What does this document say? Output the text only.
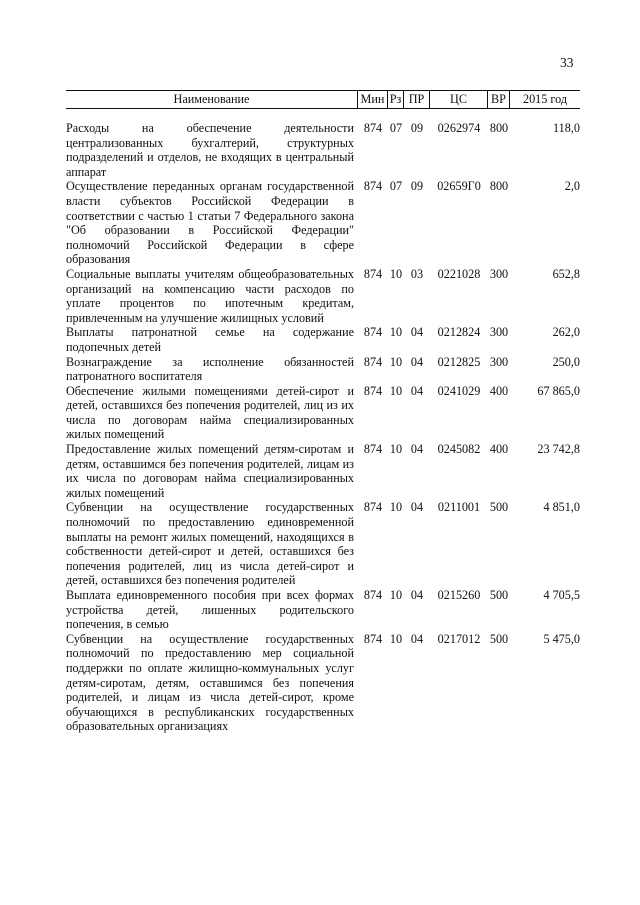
33
Наименование	Мин Рз ПР	ЦС	ВР	2015 год
Расходы на обеспечение деятельности централизованных бухгалтерий, структурных подразделений и отделов, не входящих в центральный аппарат
874 07 09	0262974 800	118,0
Осуществление переданных органам государственной власти субъектов Российской Федерации в соответствии с частью 1 статьи 7 Федерального закона "Об образовании в Российской Федерации" полномочий Российской Федерации в сфере образования
874 07 09	02659Г0 800	2,0
Социальные выплаты учителям общеобразовательных организаций на компенсацию части расходов по уплате процентов по ипотечным кредитам, привлеченным на улучшение жилищных условий
874 10 03	0221028 300	652,8
Выплаты патронатной семье на содержание подопечных детей
874 10 04	0212824 300	262,0
Вознаграждение за исполнение обязанностей патронатного воспитателя
874 10 04	0212825 300	250,0
Обеспечение жилыми помещениями детей-сирот и детей, оставшихся без попечения родителей, лиц из их числа по договорам найма специализированных жилых помещений
874 10 04	0241029 400	67 865,0
Предоставление жилых помещений детям-сиротам и детям, оставшимся без попечения родителей, лицам из их числа по договорам найма специализированных жилых помещений
874 10 04	0245082 400	23 742,8
Субвенции на осуществление государственных полномочий по предоставлению единовременной выплаты на ремонт жилых помещений, находящихся в собственности детей-сирот и детей, оставшихся без попечения родителей, лиц из числа детей-сирот и детей, оставшихся без попечения родителей
874 10 04	0211001 500	4 851,0
Выплата единовременного пособия при всех формах устройства детей, лишенных родительского попечения, в семью
874 10 04	0215260 500	4 705,5
Субвенции на осуществление государственных полномочий по предоставлению мер социальной поддержки по оплате жилищно-коммунальных услуг детям-сиротам, детям, оставшимся без попечения родителей, и лицам из числа детей-сирот, кроме обучающихся в республиканских государственных образовательных организациях
874 10 04	0217012 500	5 475,0
